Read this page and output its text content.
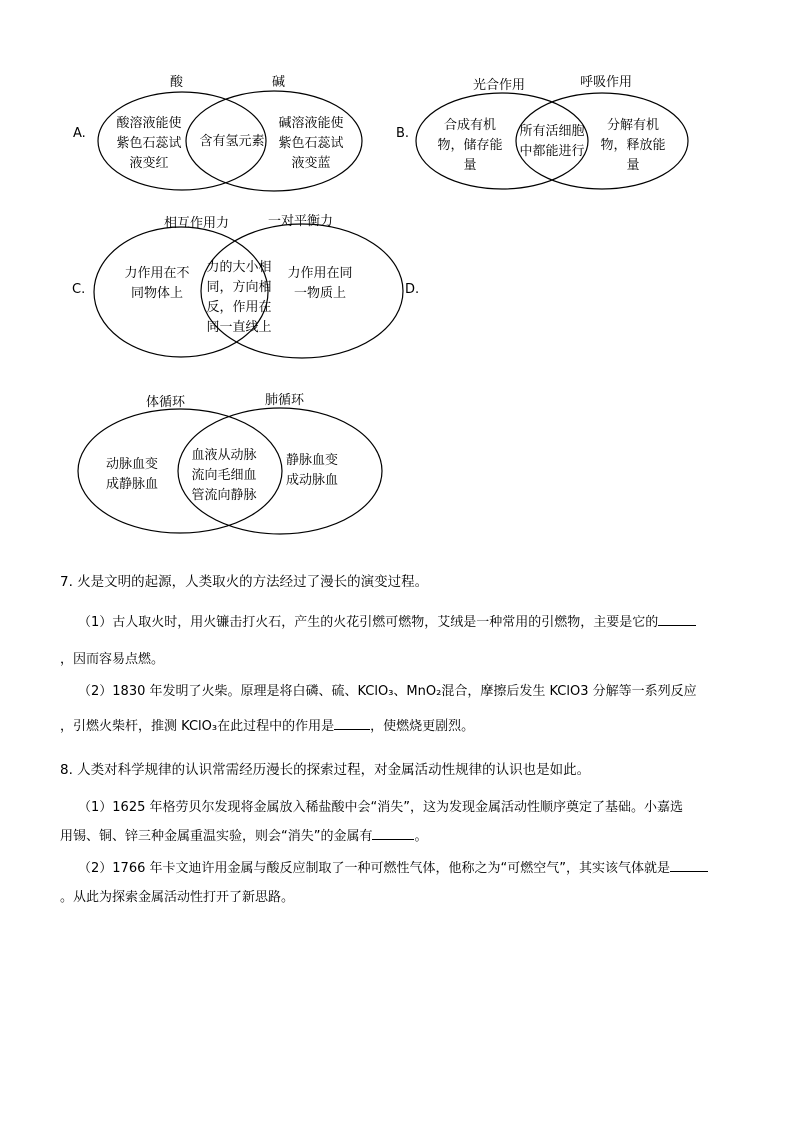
A.
酸	碱
酸溶液能使
紫色石蕊试
液变红
含有氢元素
碱溶液能使
紫色石蕊试
液变蓝
B.
光合作用	呼吸作用
合成有机
物，储存能
量
所有活细胞
中都能进行
分解有机
物，释放能
量
C.
相互作用力	一对平衡力
力作用在不
同物体上
力的大小相
同，方向相
反，作用在
同一直线上
力作用在同
一物质上	D.
体循环	肺循环
动脉血变
成静脉血
血液从动脉
流向毛细血
管流向静脉
静脉血变
成动脉血
7. 火是文明的起源，人类取火的方法经过了漫长的演变过程。
（1）古人取火时，用火镰击打火石，产生的火花引燃可燃物，艾绒是一种常用的引燃物，主要是它的
，因而容易点燃。
（2）1830 年发明了火柴。原理是将白磷、硫、KClO₃、MnO₂混合，摩擦后发生 KClO3 分解等一系列反应
，引燃火柴杆，推测 KClO₃在此过程中的作用是	，使燃烧更剧烈。
8. 人类对科学规律的认识常需经历漫长的探索过程，对金属活动性规律的认识也是如此。
（1）1625 年格劳贝尔发现将金属放入稀盐酸中会“消失”，这为发现金属活动性顺序奠定了基础。小嘉选
用锡、铜、锌三种金属重温实验，则会“消失”的金属有	。
（2）1766 年卡文迪许用金属与酸反应制取了一种可燃性气体，他称之为“可燃空气”，其实该气体就是
。从此为探索金属活动性打开了新思路。
